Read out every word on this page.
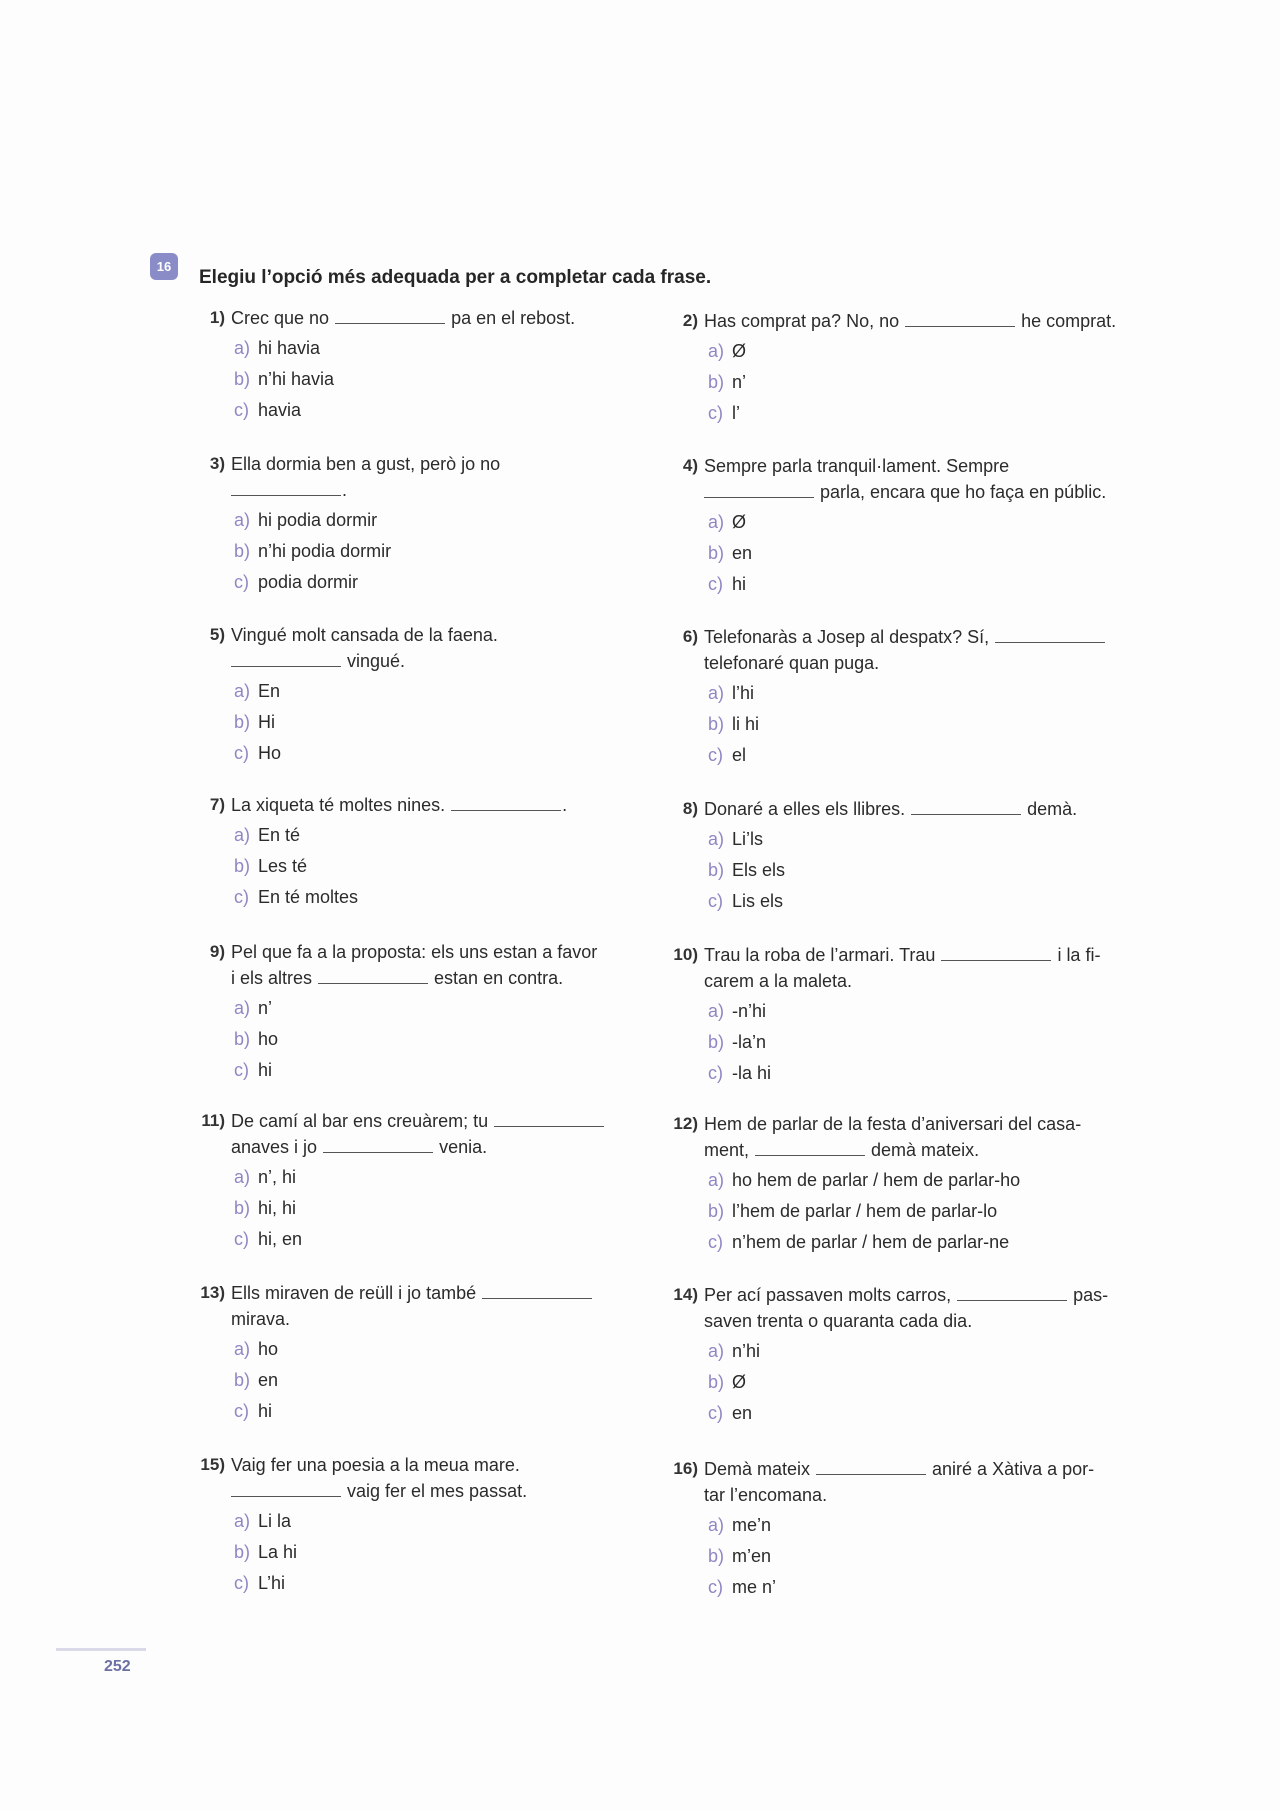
16
Elegiu l’opció més adequada per a completar cada frase.
1) Crec que no	pa en el rebost.
a) hi havia
b) n’hi havia
c) havia
2) Has comprat pa? No, no	he comprat.
a) Ø
b) n’
c) l’
3) Ella dormia ben a gust, però jo no
.
a) hi podia dormir
b) n’hi podia dormir
c) podia dormir
4) Sempre parla tranquil·lament. Sempre
parla, encara que ho faça en públic.
a) Ø
b) en
c) hi
5) Vingué molt cansada de la faena.
vingué.
a) En
b) Hi
c) Ho
6) Telefonaràs a Josep al despatx? Sí,
telefonaré quan puga.
a) l’hi
b) li hi
c) el
7) La xiqueta té moltes nines.	.
a) En té
b) Les té
c) En té moltes
8) Donaré a elles els llibres.	demà.
a) Li’ls
b) Els els
c) Lis els
9) Pel que fa a la proposta: els uns estan a favor
i els altres	estan en contra.
a) n’
b) ho
c) hi
10) Trau la roba de l’armari. Trau	i la fi-
carem a la maleta.
a) -n’hi
b) -la’n
c) -la hi
11) De camí al bar ens creuàrem; tu
anaves i jo	venia.
a) n’, hi
b) hi, hi
c) hi, en
12) Hem de parlar de la festa d’aniversari del casa-
ment,	demà mateix.
a) ho hem de parlar / hem de parlar-ho
b) l’hem de parlar / hem de parlar-lo
c) n’hem de parlar / hem de parlar-ne
13) Ells miraven de reüll i jo també
mirava.
a) ho
b) en
c) hi
14) Per ací passaven molts carros,	pas-
saven trenta o quaranta cada dia.
a) n’hi
b) Ø
c) en
15) Vaig fer una poesia a la meua mare.
vaig fer el mes passat.
a) Li la
b) La hi
c) L’hi
16) Demà mateix	aniré a Xàtiva a por-
tar l’encomana.
a) me’n
b) m’en
c) me n’
252
